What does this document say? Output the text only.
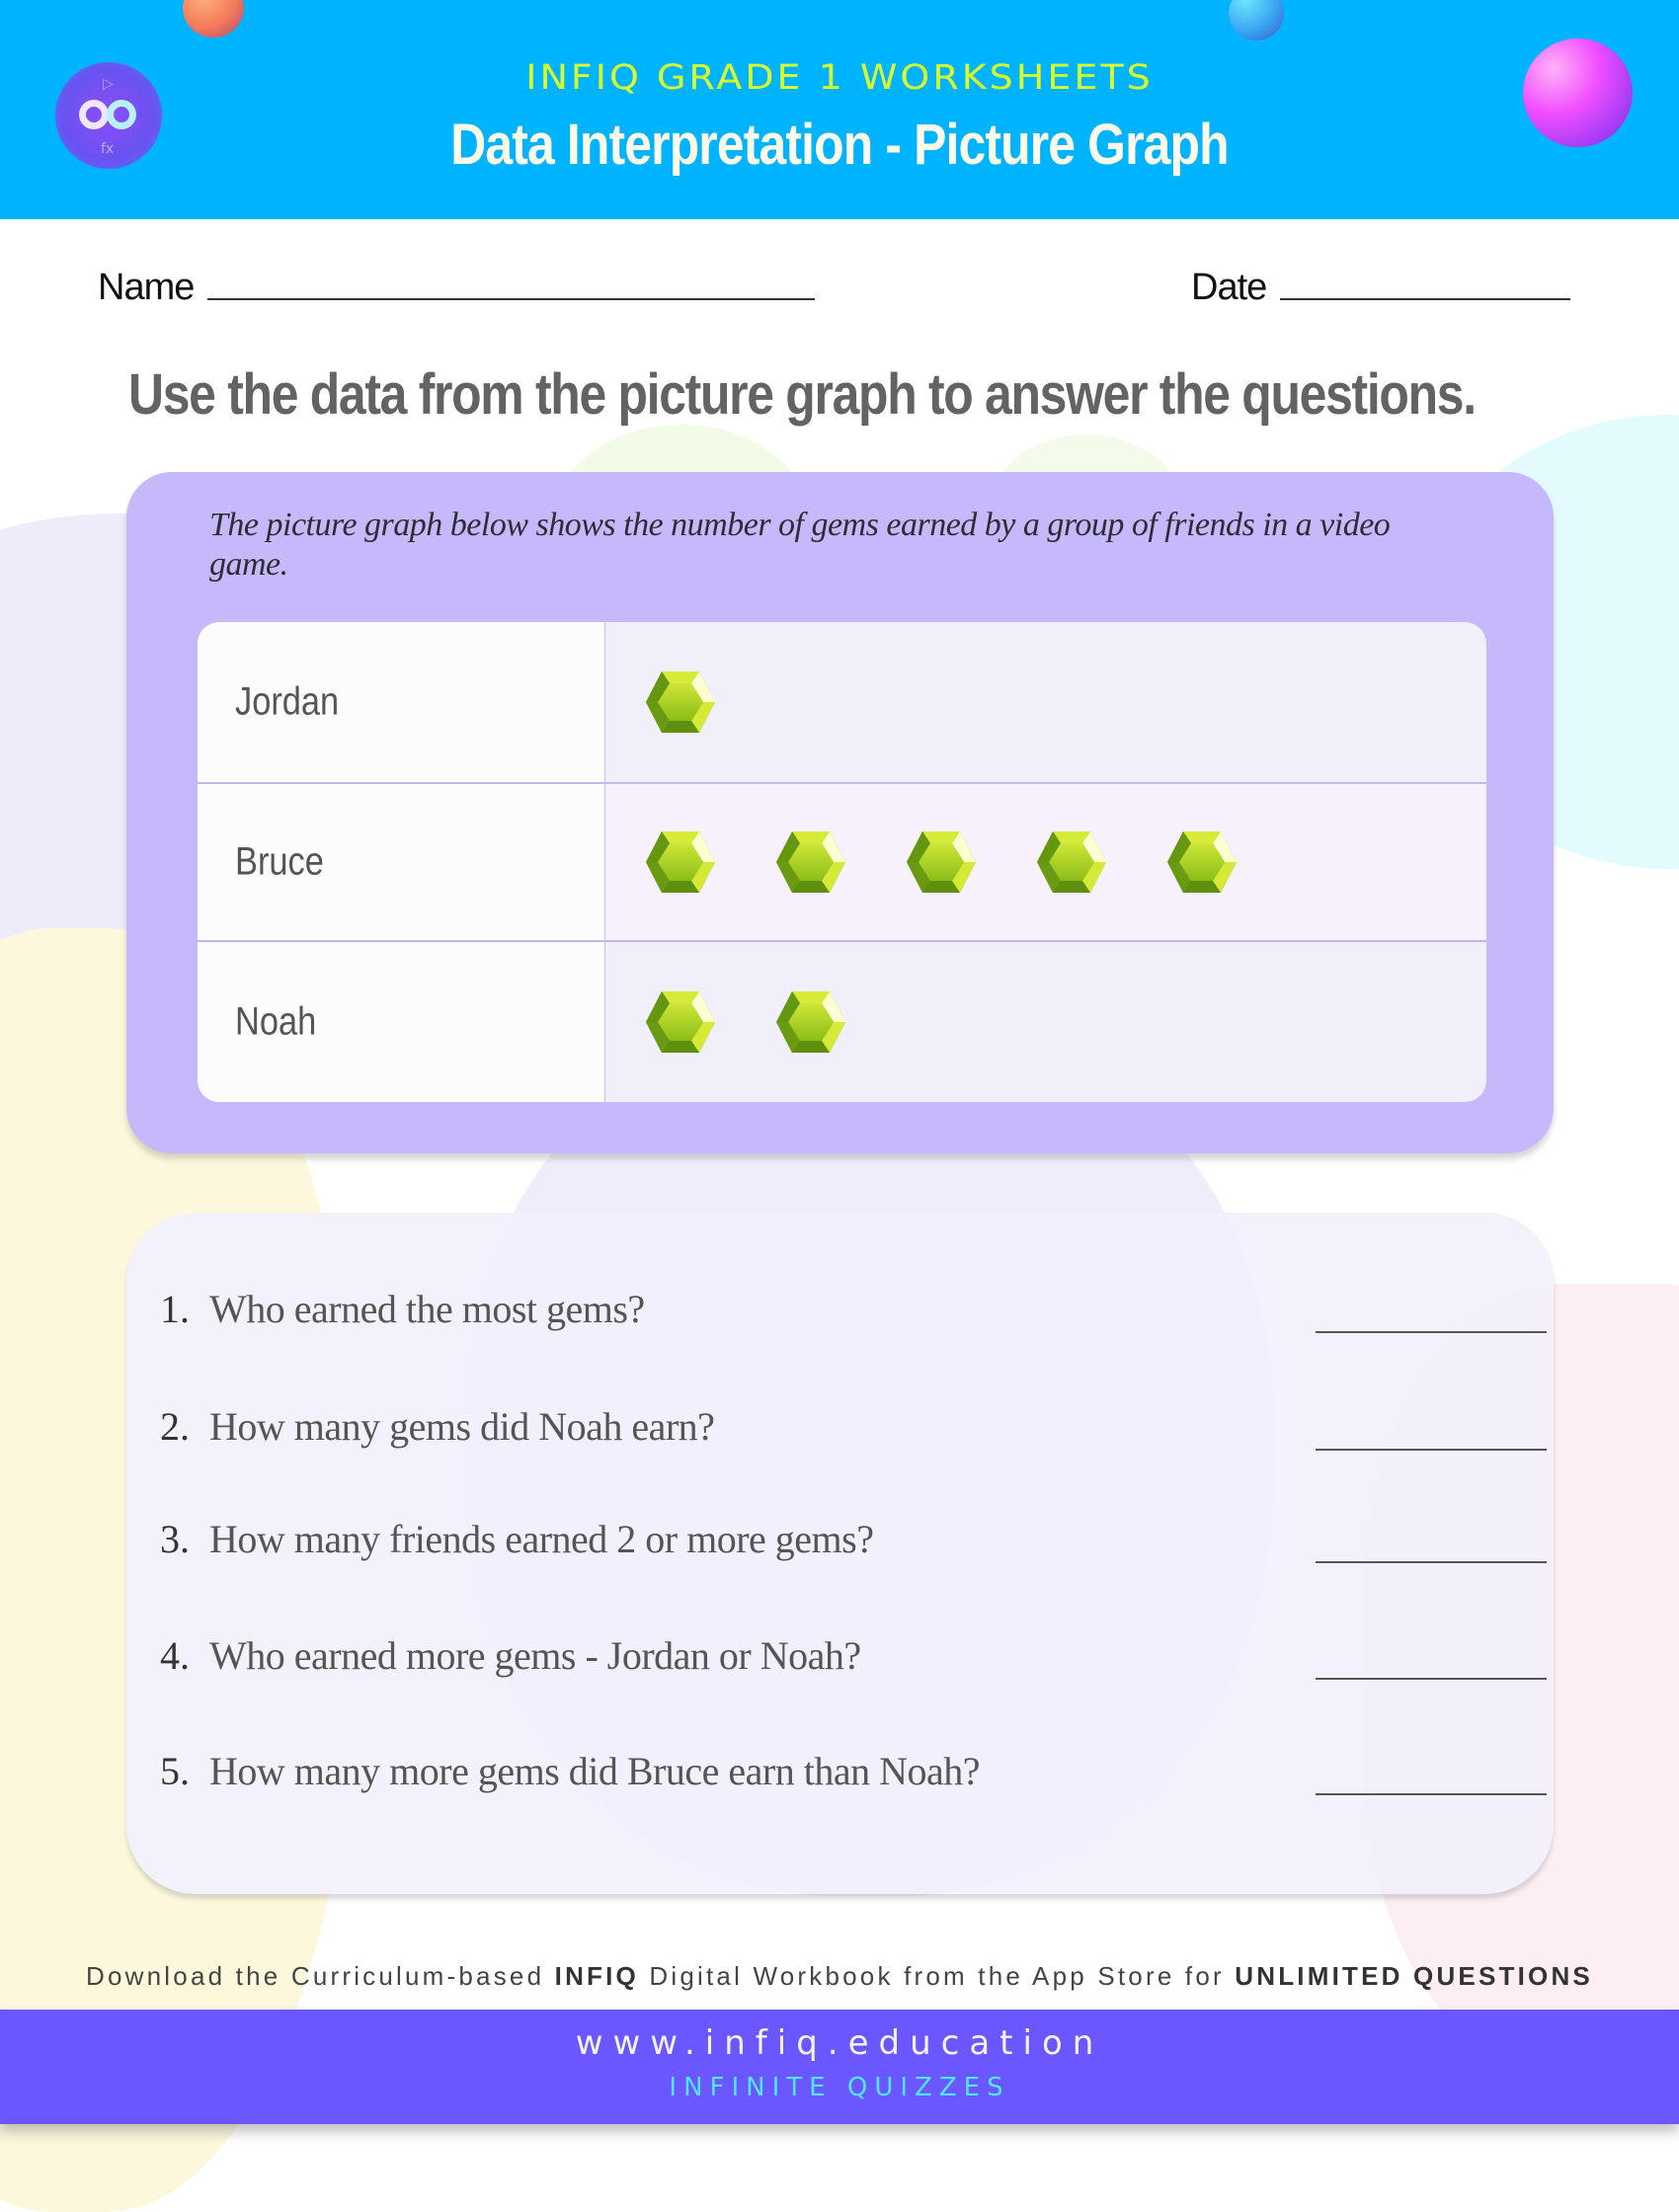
▷
fx
INFIQ GRADE 1 WORKSHEETS
Data Interpretation - Picture Graph
Name	Date
Use the data from the picture graph to answer the questions.
The picture graph below shows the number of gems earned by a group of friends in a video game.
Jordan
Bruce
Noah
1. Who earned the most gems?
2. How many gems did Noah earn?
3. How many friends earned 2 or more gems?
4. Who earned more gems - Jordan or Noah?
5. How many more gems did Bruce earn than Noah?
Download the Curriculum-based INFIQ Digital Workbook from the App Store for UNLIMITED QUESTIONS
www.infiq.education
INFINITE QUIZZES
